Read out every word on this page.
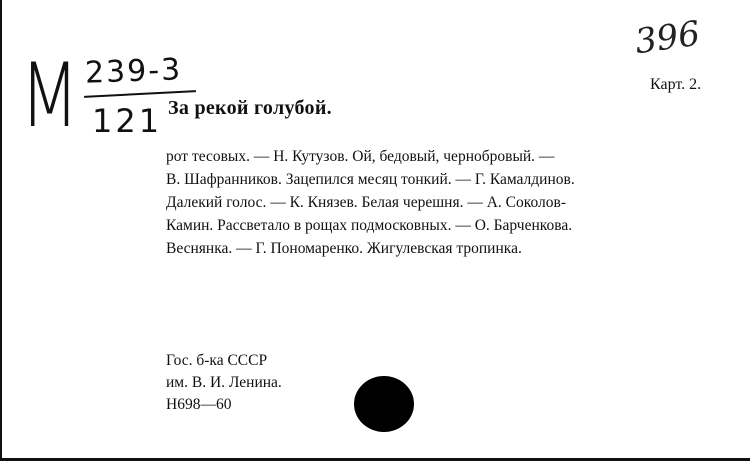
М 239-3
121
396
Карт. 2.
За рекой голубой.

рот тесовых. — Н. Кутузов. Ой, бедовый, чернобровый. —
В. Шафранников. Зацепился месяц тонкий. — Г. Камалдинов.
Далекий голос. — К. Князев. Белая черешня. — А. Соколов-
Камин. Рассветало в рощах подмосковных. — О. Барченкова.
Веснянка. — Г. Пономаренко. Жигулевская тропинка.

Гос. б-ка СССР
им. В. И. Ленина.
Н698—60
